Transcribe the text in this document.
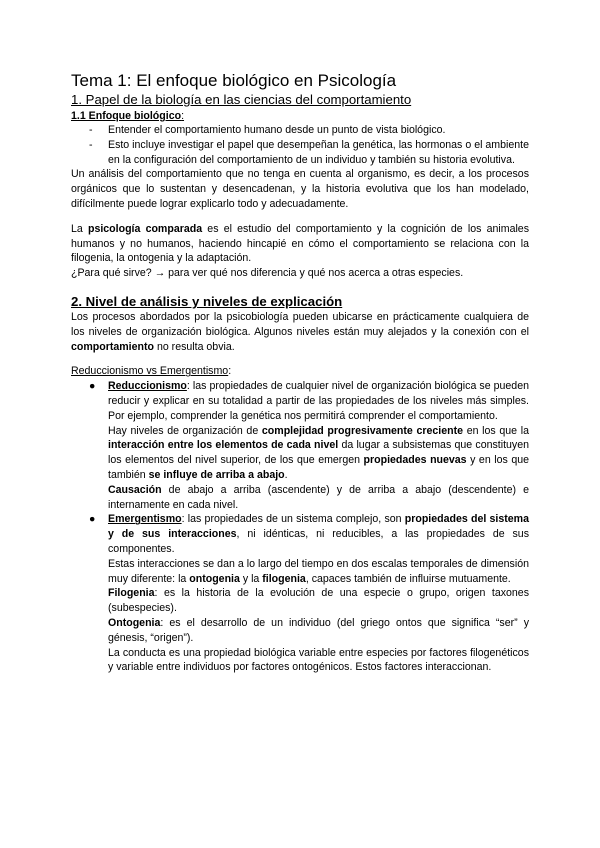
Tema 1: El enfoque biológico en Psicología
1. Papel de la biología en las ciencias del comportamiento
1.1 Enfoque biológico:
- Entender el comportamiento humano desde un punto de vista biológico.
- Esto incluye investigar el papel que desempeñan la genética, las hormonas o el ambiente en la configuración del comportamiento de un individuo y también su historia evolutiva.

Un análisis del comportamiento que no tenga en cuenta al organismo, es decir, a los procesos orgánicos que lo sustentan y desencadenan, y la historia evolutiva que los han modelado, difícilmente puede lograr explicarlo todo y adecuadamente.

La psicología comparada es el estudio del comportamiento y la cognición de los animales humanos y no humanos, haciendo hincapié en cómo el comportamiento se relaciona con la filogenia, la ontogenia y la adaptación.

¿Para qué sirve? → para ver qué nos diferencia y qué nos acerca a otras especies.

2. Nivel de análisis y niveles de explicación

Los procesos abordados por la psicobiología pueden ubicarse en prácticamente cualquiera de los niveles de organización biológica. Algunos niveles están muy alejados y la conexión con el comportamiento no resulta obvia.

Reduccionismo vs Emergentismo:

● Reduccionismo: las propiedades de cualquier nivel de organización biológica se pueden reducir y explicar en su totalidad a partir de las propiedades de los niveles más simples. Por ejemplo, comprender la genética nos permitirá comprender el comportamiento.

Hay niveles de organización de complejidad progresivamente creciente en los que la interacción entre los elementos de cada nivel da lugar a subsistemas que constituyen los elementos del nivel superior, de los que emergen propiedades nuevas y en los que también se influye de arriba a abajo.

Causación de abajo a arriba (ascendente) y de arriba a abajo (descendente) e internamente en cada nivel.

● Emergentismo: las propiedades de un sistema complejo, son propiedades del sistema y de sus interacciones, ni idénticas, ni reducibles, a las propiedades de sus componentes.

Estas interacciones se dan a lo largo del tiempo en dos escalas temporales de dimensión muy diferente: la ontogenia y la filogenia, capaces también de influirse mutuamente.

Filogenia: es la historia de la evolución de una especie o grupo, origen taxones (subespecies).

Ontogenia: es el desarrollo de un individuo (del griego ontos que significa “ser” y génesis, “origen”).

La conducta es una propiedad biológica variable entre especies por factores filogenéticos y variable entre individuos por factores ontogénicos. Estos factores interaccionan.
